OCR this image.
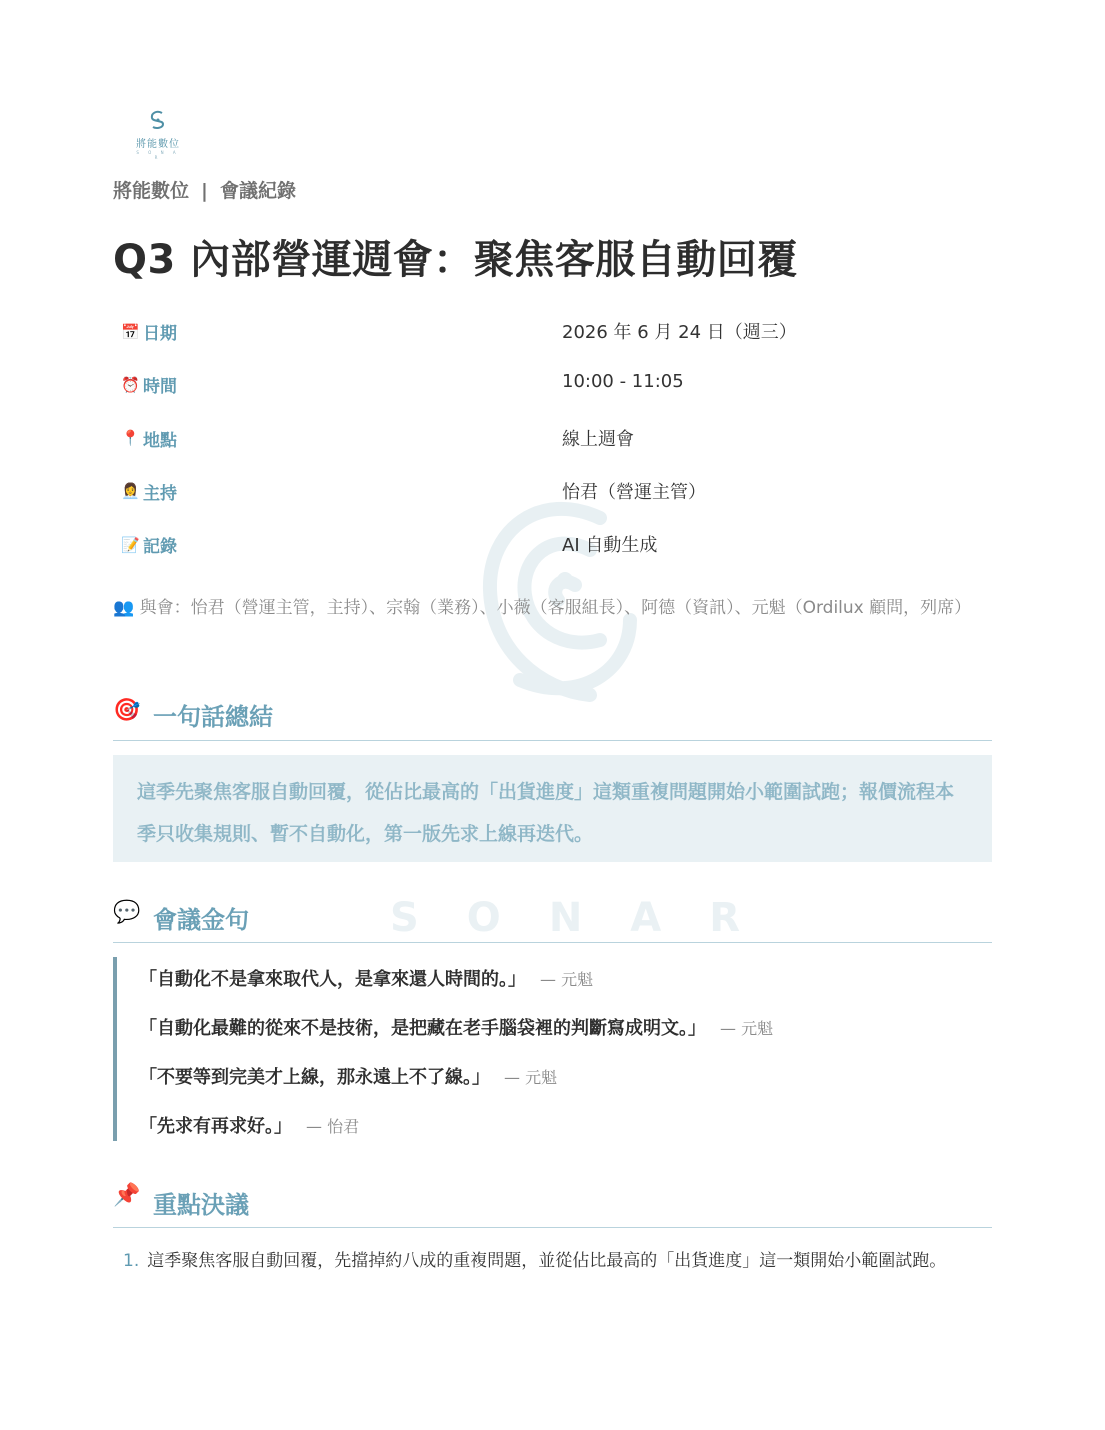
SONAR
將能數位
S O N A R
將能數位 | 會議紀錄
Q3 內部營運週會：聚焦客服自動回覆
📅 日期	2026 年 6 月 24 日（週三）
⏰ 時間	10:00 - 11:05
📍 地點	線上週會
👩‍💼 主持	怡君（營運主管）
📝 記錄	AI 自動生成
👥 與會：怡君（營運主管，主持）、宗翰（業務）、小薇（客服組長）、阿德（資訊）、元魁（Ordilux 顧問，列席）
🎯 一句話總結

這季先聚焦客服自動回覆，從佔比最高的「出貨進度」這類重複問題開始小範圍試跑；報價流程本季只收集規則、暫不自動化，第一版先求上線再迭代。

💬 會議金句
「自動化不是拿來取代人，是拿來還人時間的。」 — 元魁
「自動化最難的從來不是技術，是把藏在老手腦袋裡的判斷寫成明文。」 — 元魁
「不要等到完美才上線，那永遠上不了線。」 — 元魁
「先求有再求好。」 — 怡君
📌 重點決議
1. 這季聚焦客服自動回覆，先擋掉約八成的重複問題，並從佔比最高的「出貨進度」這一類開始小範圍試跑。
